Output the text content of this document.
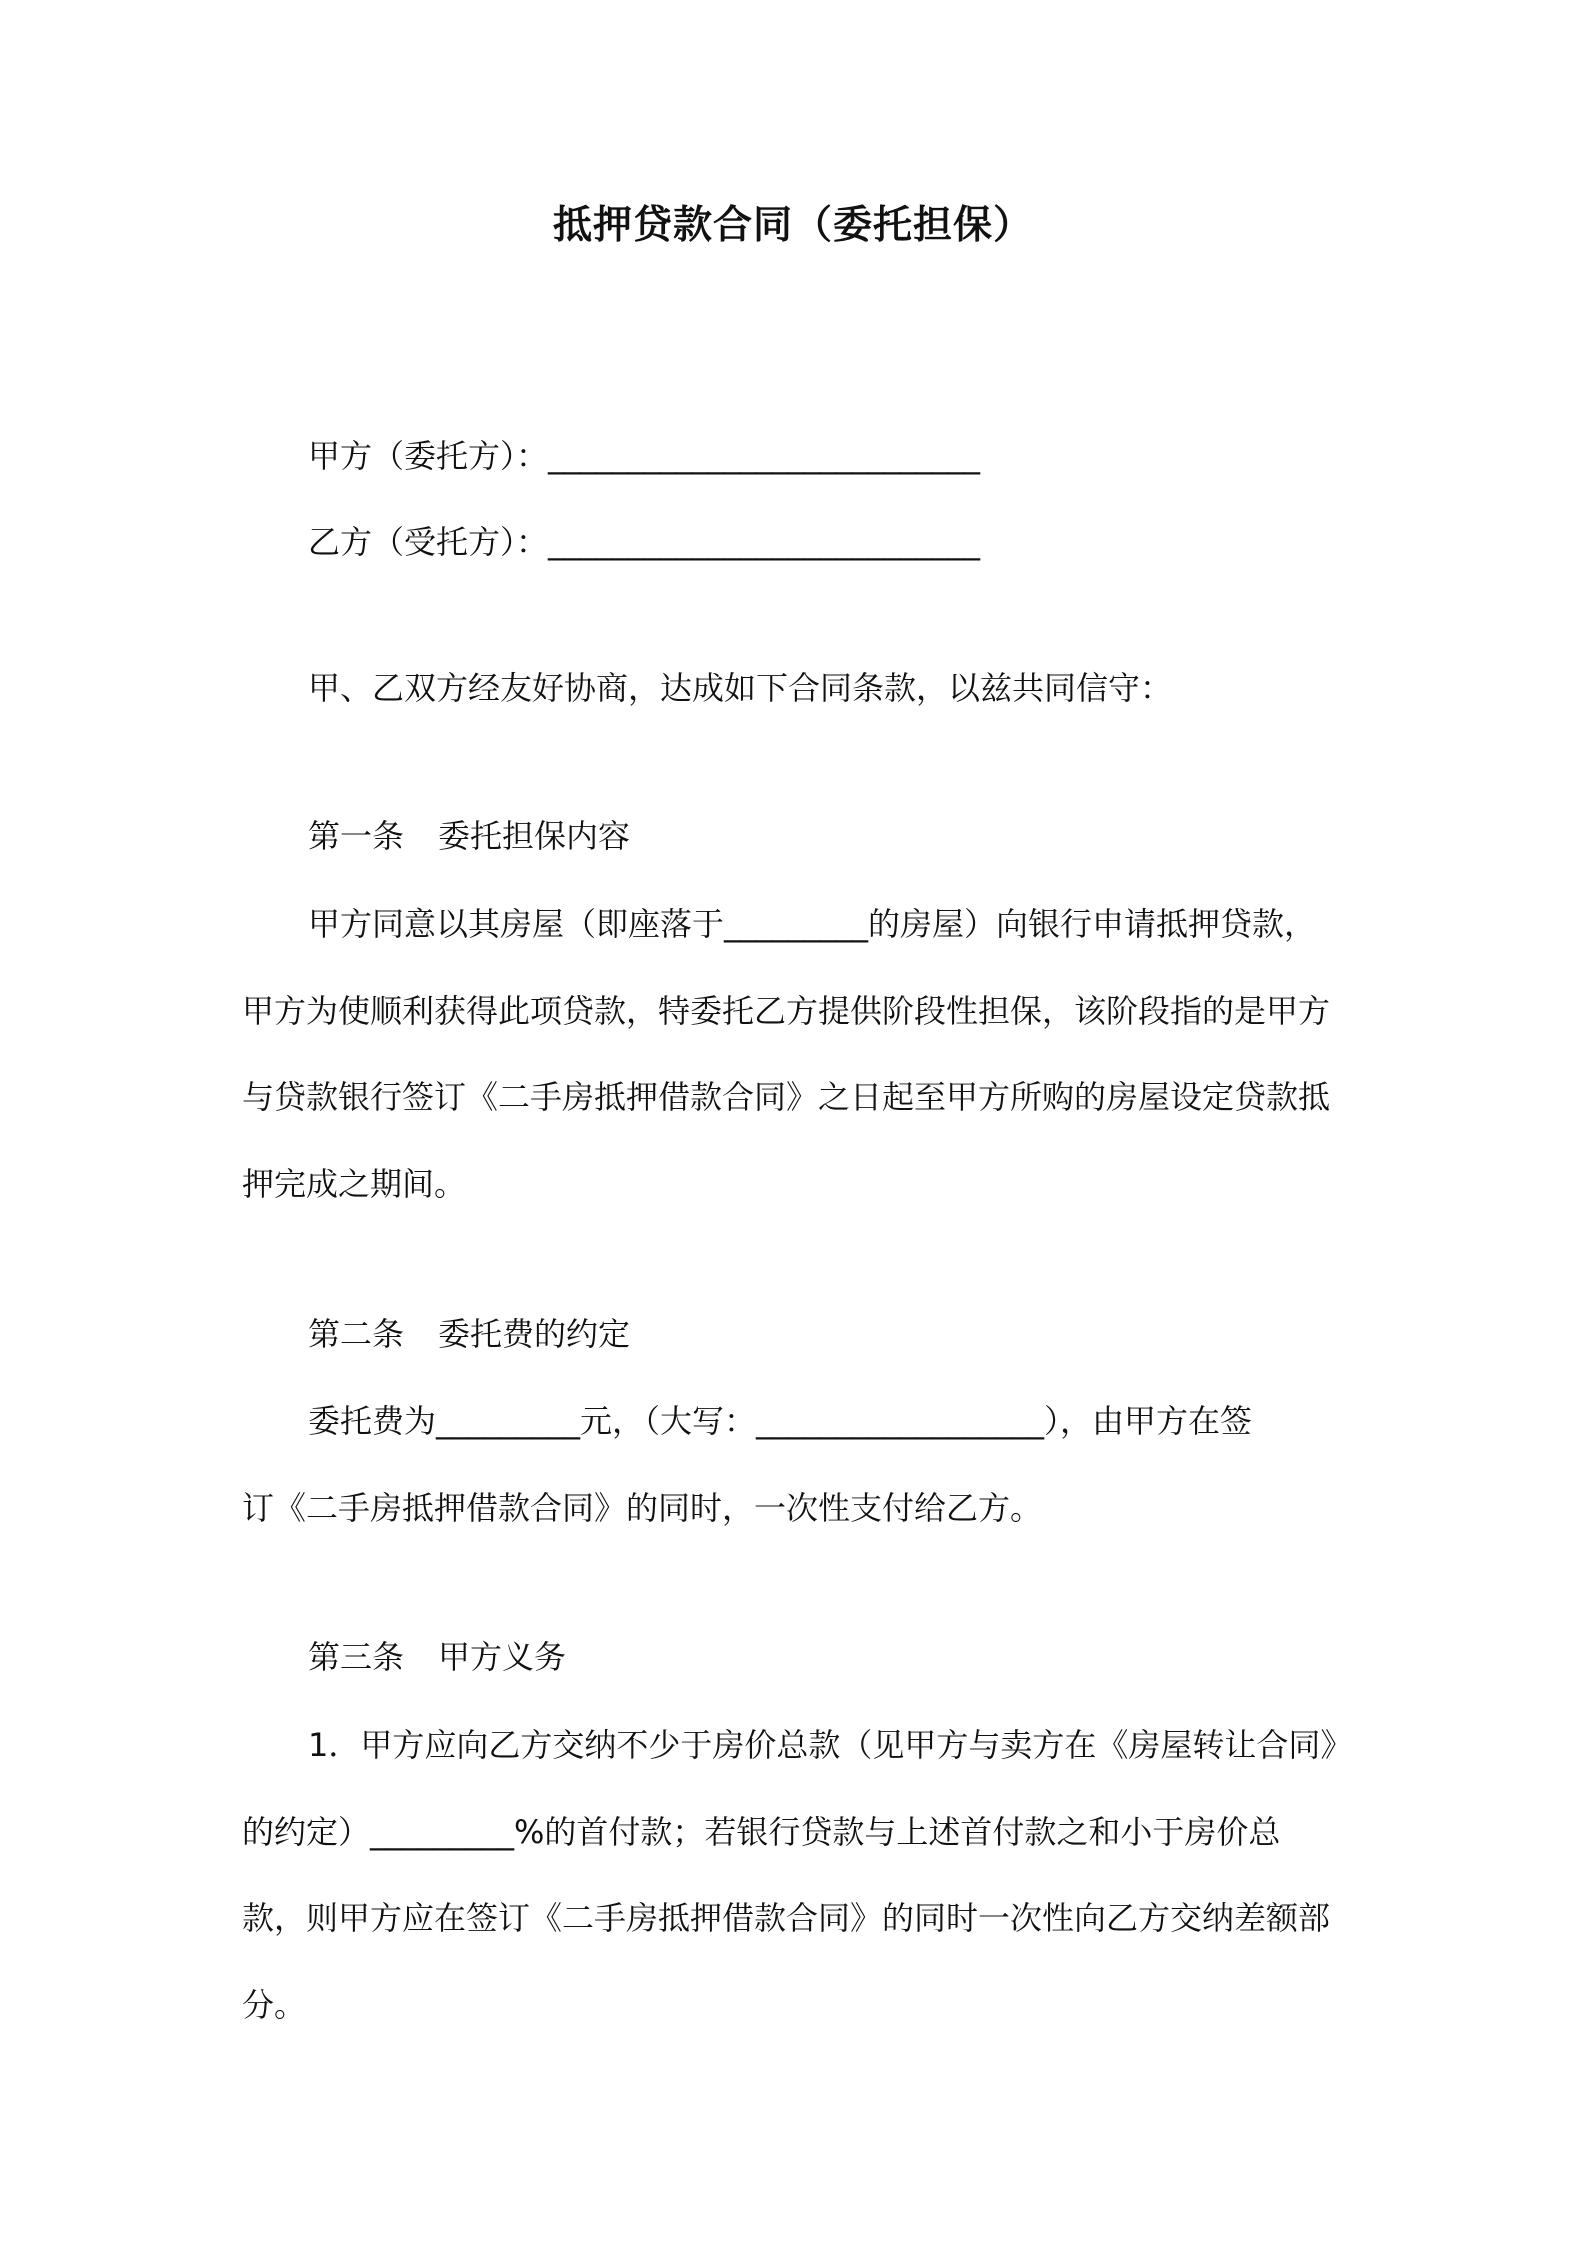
抵押贷款合同（委托担保）
甲方（委托方）：___________________________
乙方（受托方）：___________________________
甲、乙双方经友好协商，达成如下合同条款，以兹共同信守：
第一条 委托担保内容
甲方同意以其房屋（即座落于_________的房屋）向银行申请抵押贷款，
甲方为使顺利获得此项贷款，特委托乙方提供阶段性担保，该阶段指的是甲方
与贷款银行签订《二手房抵押借款合同》之日起至甲方所购的房屋设定贷款抵
押完成之期间。
第二条 委托费的约定
委托费为_________元，（大写：__________________），由甲方在签
订《二手房抵押借款合同》的同时，一次性支付给乙方。
第三条 甲方义务
1．甲方应向乙方交纳不少于房价总款（见甲方与卖方在《房屋转让合同》
的约定）_________%的首付款；若银行贷款与上述首付款之和小于房价总
款，则甲方应在签订《二手房抵押借款合同》的同时一次性向乙方交纳差额部
分。
